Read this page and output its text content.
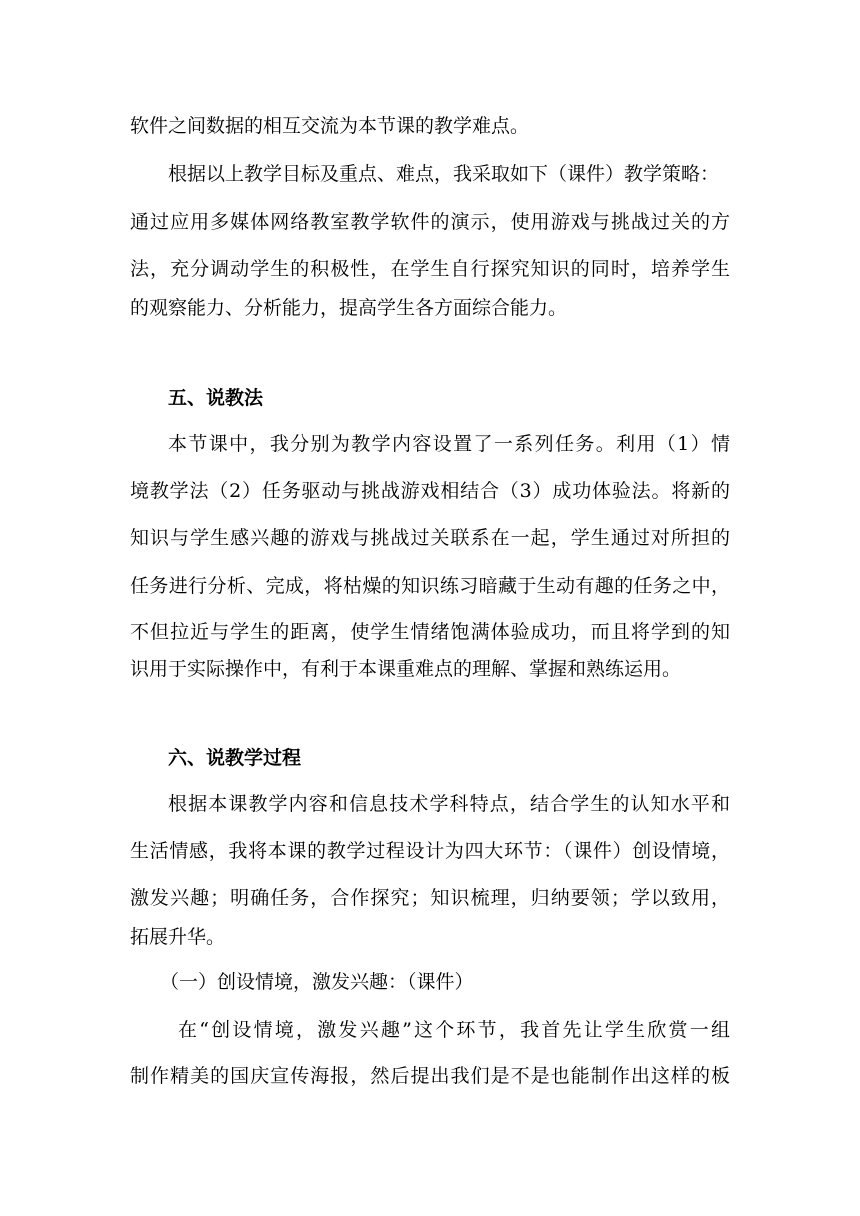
软件之间数据的相互交流为本节课的教学难点。
根据以上教学目标及重点、难点，我采取如下（课件）教学策略：
通过应用多媒体网络教室教学软件的演示，使用游戏与挑战过关的方
法，充分调动学生的积极性，在学生自行探究知识的同时，培养学生
的观察能力、分析能力，提高学生各方面综合能力。
五、说教法
本节课中，我分别为教学内容设置了一系列任务。利用（1）情
境教学法（2）任务驱动与挑战游戏相结合（3）成功体验法。将新的
知识与学生感兴趣的游戏与挑战过关联系在一起，学生通过对所担的
任务进行分析、完成，将枯燥的知识练习暗藏于生动有趣的任务之中，
不但拉近与学生的距离，使学生情绪饱满体验成功，而且将学到的知
识用于实际操作中，有利于本课重难点的理解、掌握和熟练运用。
六、说教学过程
根据本课教学内容和信息技术学科特点，结合学生的认知水平和
生活情感，我将本课的教学过程设计为四大环节：（课件）创设情境，
激发兴趣；明确任务，合作探究；知识梳理，归纳要领；学以致用，
拓展升华。
（一）创设情境，激发兴趣：（课件）
在“创设情境，激发兴趣”这个环节，我首先让学生欣赏一组
制作精美的国庆宣传海报，然后提出我们是不是也能制作出这样的板
